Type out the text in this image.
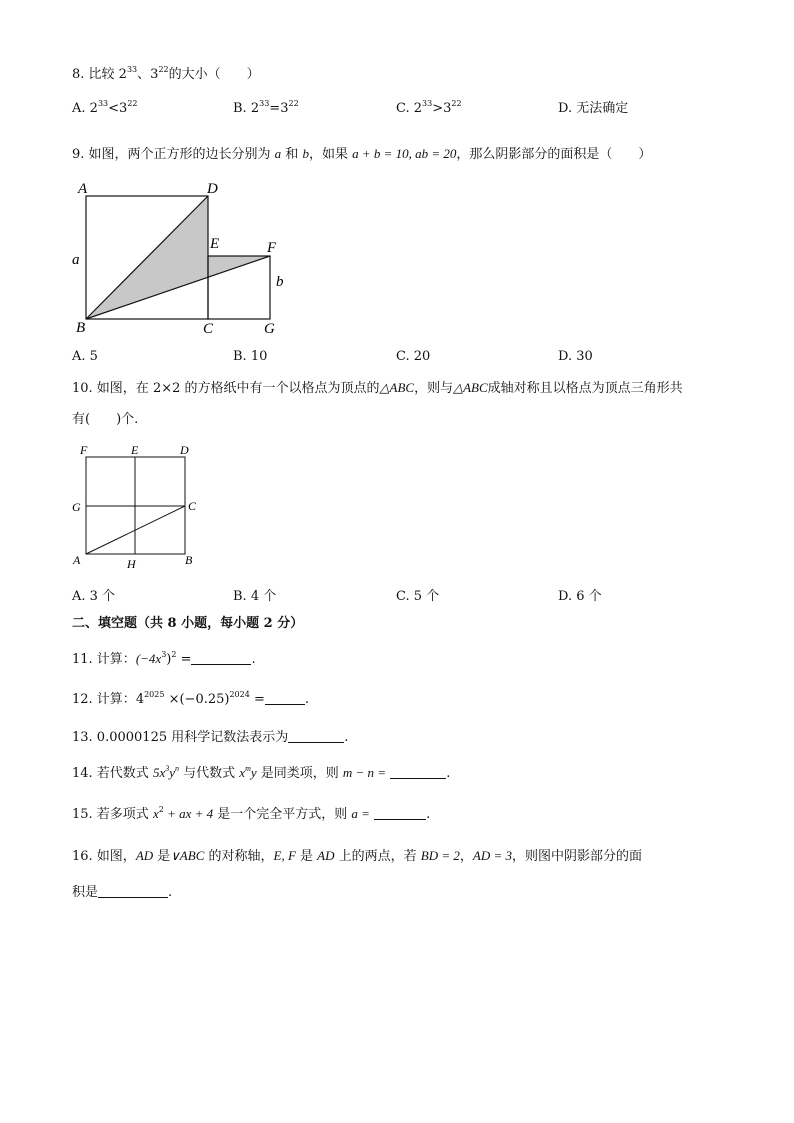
8. 比较 $2^{33}$、$3^{22}$的大小（　　）
A. $2^{33}<3^{22}$	B. $2^{33}=3^{22}$	C. $2^{33}>3^{22}$	D. 无法确定
9. 如图，两个正方形的边长分别为 a 和 b，如果 a + b = 10, ab = 20，那么阴影部分的面积是（　　）
A	D
E	F
B	C	G
a
b
A. 5	B. 10	C. 20	D. 30
10. 如图，在 2×2 的方格纸中有一个以格点为顶点的△ABC，则与△ABC成轴对称且以格点为顶点三角形共
有(　　)个.
F	E	D
G	C
A	H	B
A. 3 个	B. 4 个	C. 5 个	D. 6 个
二、填空题（共 8 小题，每小题 2 分）
11. 计算：$(-4x^3)^2$ =	.
12. 计算：$4^{2025} \times(-0.25)^{2024}$ =	.
13. 0.0000125 用科学记数法表示为	.
14. 若代数式 $5x^3y^n$ 与代数式 $x^my$ 是同类项，则 m − n =	.
15. 若多项式 $x^2$ + ax + 4 是一个完全平方式，则 a =	.
16. 如图，AD 是∨ABC 的对称轴，E, F 是 AD 上的两点，若 BD = 2，AD = 3，则图中阴影部分的面
积是	.
